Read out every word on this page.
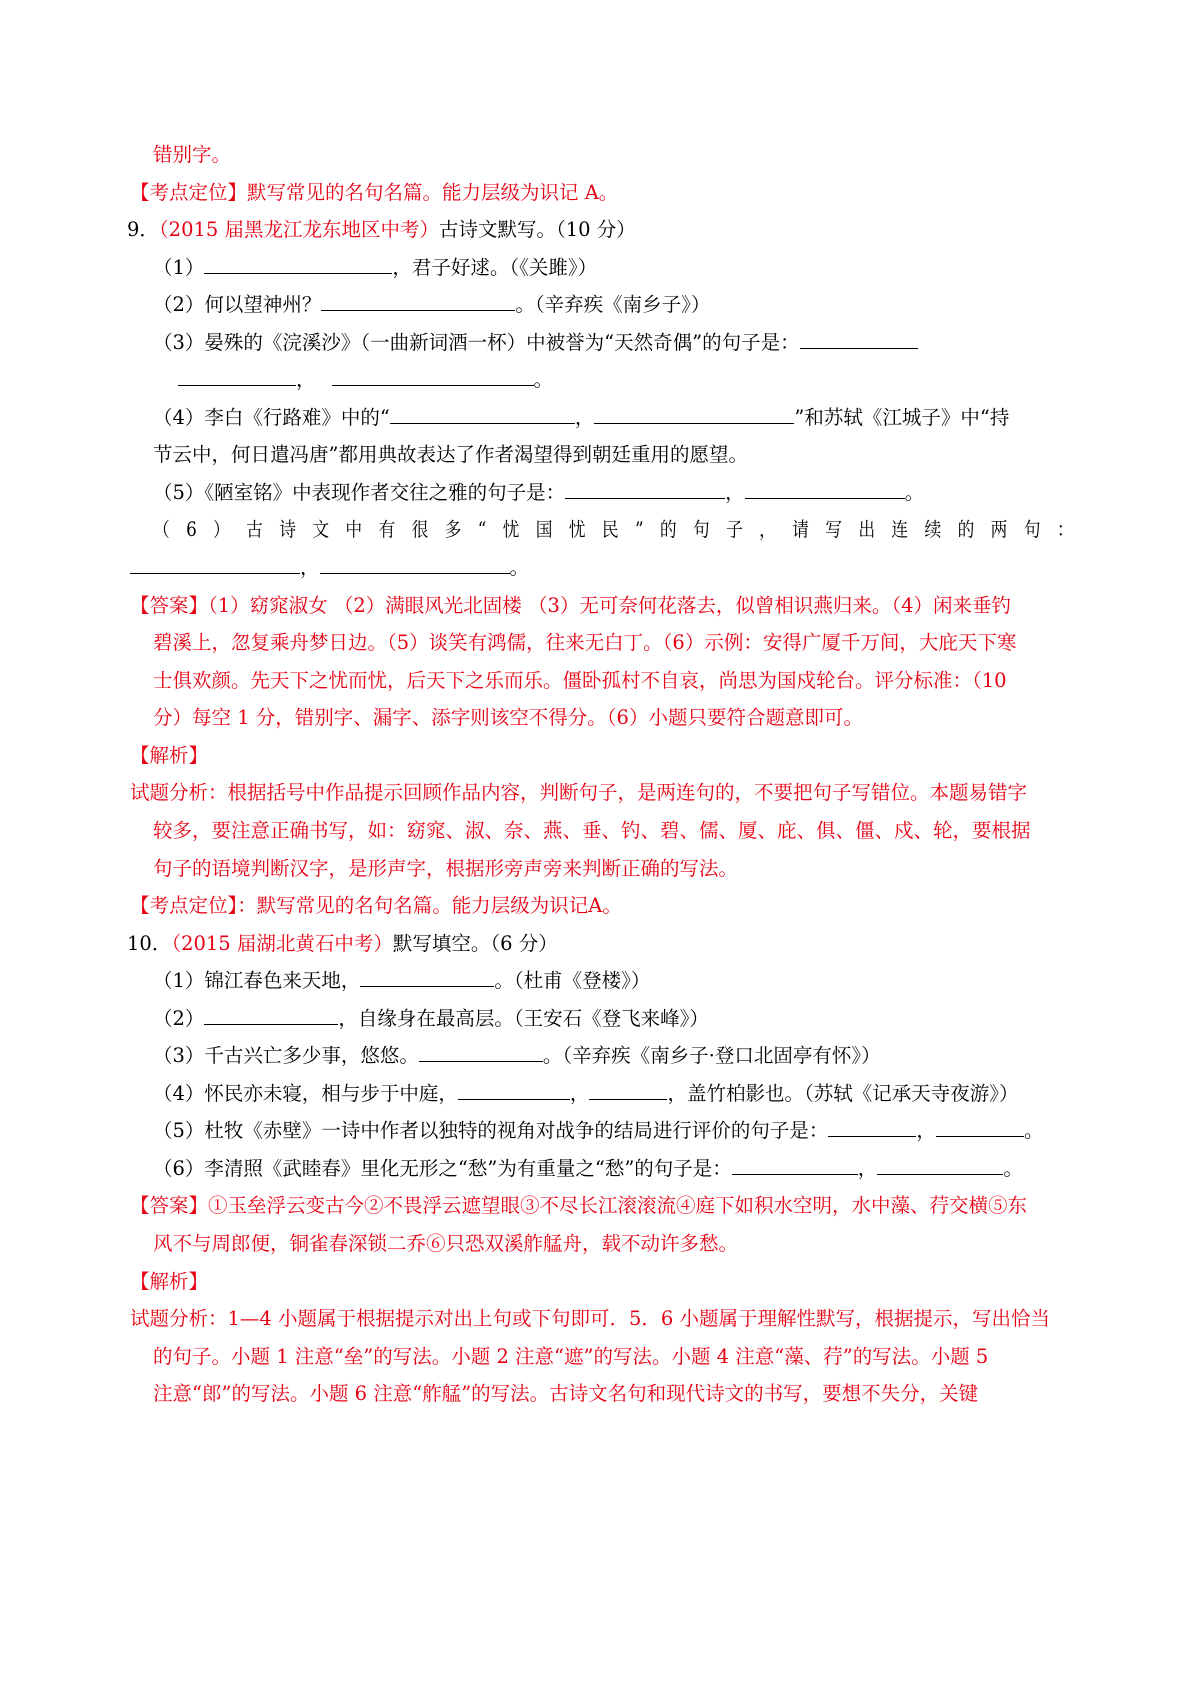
错别字。
【考点定位】默写常见的名句名篇。能力层级为识记 A。
9．（2015 届黑龙江龙东地区中考）古诗文默写。（10 分）
（1）	，君子好逑。（《关雎》）
（2）何以望神州？	。（辛弃疾《南乡子》）
（3）晏殊的《浣溪沙》（一曲新词酒一杯）中被誉为“天然奇偶”的句子是：
，	。
（4）李白《行路难》中的“	，	”和苏轼《江城子》中“持
节云中，何日遣冯唐”都用典故表达了作者渴望得到朝廷重用的愿望。
（5）《陋室铭》中表现作者交往之雅的句子是：	，	。
（6）古诗文中有很多“忧国忧民”的句子，请写出连续的两句：
，	。
【答案】（1）窈窕淑女 （2）满眼风光北固楼 （3）无可奈何花落去，似曾相识燕归来。（4）闲来垂钓
碧溪上，忽复乘舟梦日边。（5）谈笑有鸿儒，往来无白丁。（6）示例：安得广厦千万间，大庇天下寒
士俱欢颜。先天下之忧而忧，后天下之乐而乐。僵卧孤村不自哀，尚思为国戍轮台。评分标准：（10
分）每空 1 分，错别字、漏字、添字则该空不得分。（6）小题只要符合题意即可。
【解析】
试题分析：根据括号中作品提示回顾作品内容，判断句子，是两连句的，不要把句子写错位。本题易错字
较多，要注意正确书写，如：窈窕、淑、奈、燕、垂、钓、碧、儒、厦、庇、俱、僵、戍、轮，要根据
句子的语境判断汉字，是形声字，根据形旁声旁来判断正确的写法。
【考点定位】：默写常见的名句名篇。能力层级为识记A。
10．（2015 届湖北黄石中考）默写填空。（6 分）
（1）锦江春色来天地，	。（杜甫《登楼》）
（2）	，自缘身在最高层。（王安石《登飞来峰》）
（3）千古兴亡多少事，悠悠。	。（辛弃疾《南乡子·登口北固亭有怀》）
（4）怀民亦未寝，相与步于中庭，	，	，盖竹柏影也。（苏轼《记承天寺夜游》）
（5）杜牧《赤壁》一诗中作者以独特的视角对战争的结局进行评价的句子是：	，	。
（6）李清照《武睦春》里化无形之“愁”为有重量之“愁”的句子是：	，	。
【答案】①玉垒浮云变古今②不畏浮云遮望眼③不尽长江滚滚流④庭下如积水空明，水中藻、荇交横⑤东
风不与周郎便，铜雀春深锁二乔⑥只恐双溪舴艋舟，载不动许多愁。
【解析】
试题分析：1—4 小题属于根据提示对出上句或下句即可．5．6 小题属于理解性默写，根据提示，写出恰当
的句子。小题 1 注意“垒”的写法。小题 2 注意“遮”的写法。小题 4 注意“藻、荇”的写法。小题 5
注意“郎”的写法。小题 6 注意“舴艋”的写法。古诗文名句和现代诗文的书写，要想不失分，关键
